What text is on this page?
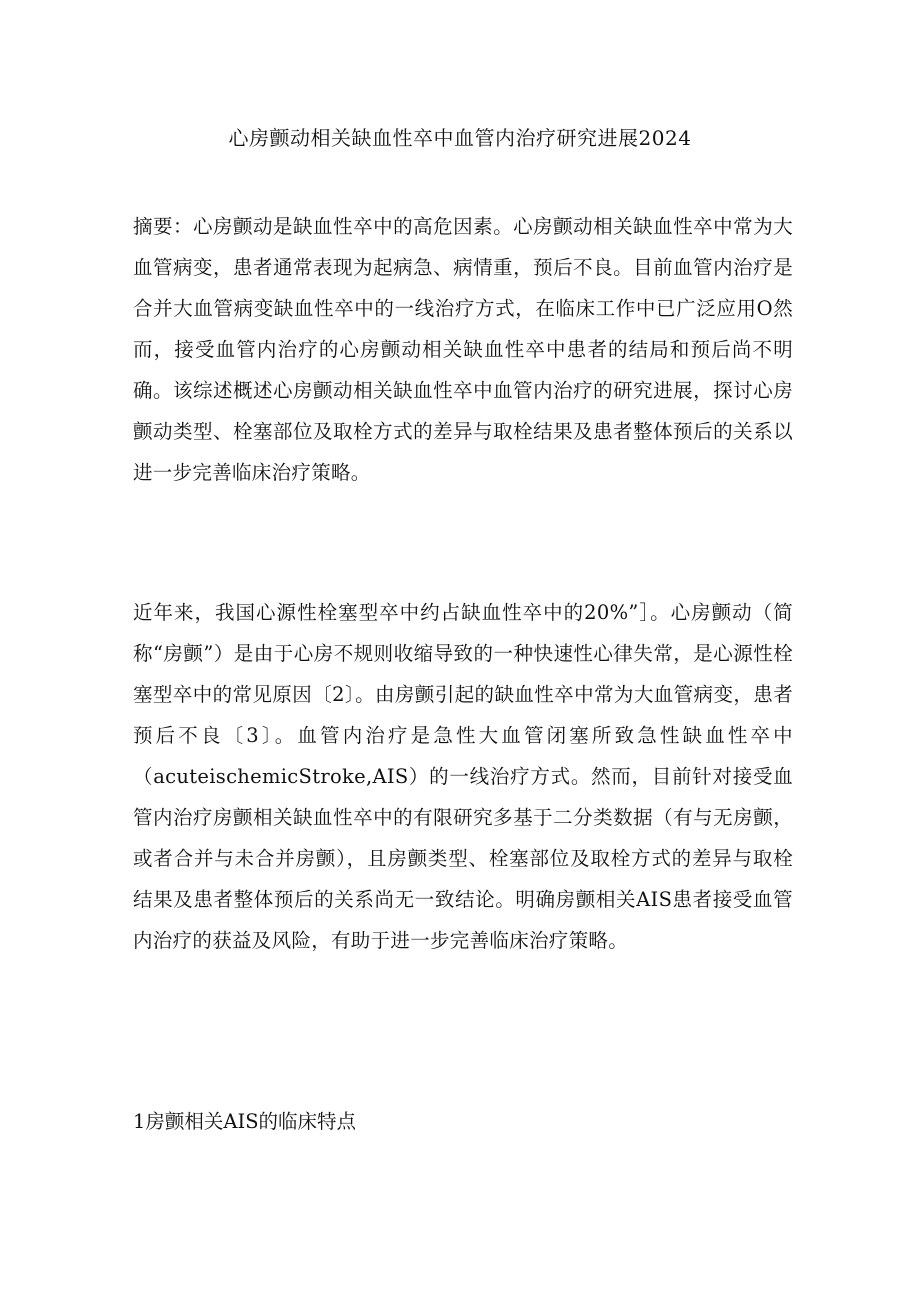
心房颤动相关缺血性卒中血管内治疗研究进展2024

摘要：心房颤动是缺血性卒中的高危因素。心房颤动相关缺血性卒中常为大血管病变，患者通常表现为起病急、病情重，预后不良。目前血管内治疗是合并大血管病变缺血性卒中的一线治疗方式，在临床工作中已广泛应用O然而，接受血管内治疗的心房颤动相关缺血性卒中患者的结局和预后尚不明确。该综述概述心房颤动相关缺血性卒中血管内治疗的研究进展，探讨心房颤动类型、栓塞部位及取栓方式的差异与取栓结果及患者整体预后的关系以进一步完善临床治疗策略。

近年来，我国心源性栓塞型卒中约占缺血性卒中的20%”］。心房颤动（简称“房颤”）是由于心房不规则收缩导致的一种快速性心律失常，是心源性栓塞型卒中的常见原因〔2〕。由房颤引起的缺血性卒中常为大血管病变，患者预后不良〔3〕。血管内治疗是急性大血管闭塞所致急性缺血性卒中（acuteischemicStroke,AIS）的一线治疗方式。然而，目前针对接受血管内治疗房颤相关缺血性卒中的有限研究多基于二分类数据（有与无房颤，或者合并与未合并房颤），且房颤类型、栓塞部位及取栓方式的差异与取栓结果及患者整体预后的关系尚无一致结论。明确房颤相关AIS患者接受血管内治疗的获益及风险，有助于进一步完善临床治疗策略。

1房颤相关AIS的临床特点
